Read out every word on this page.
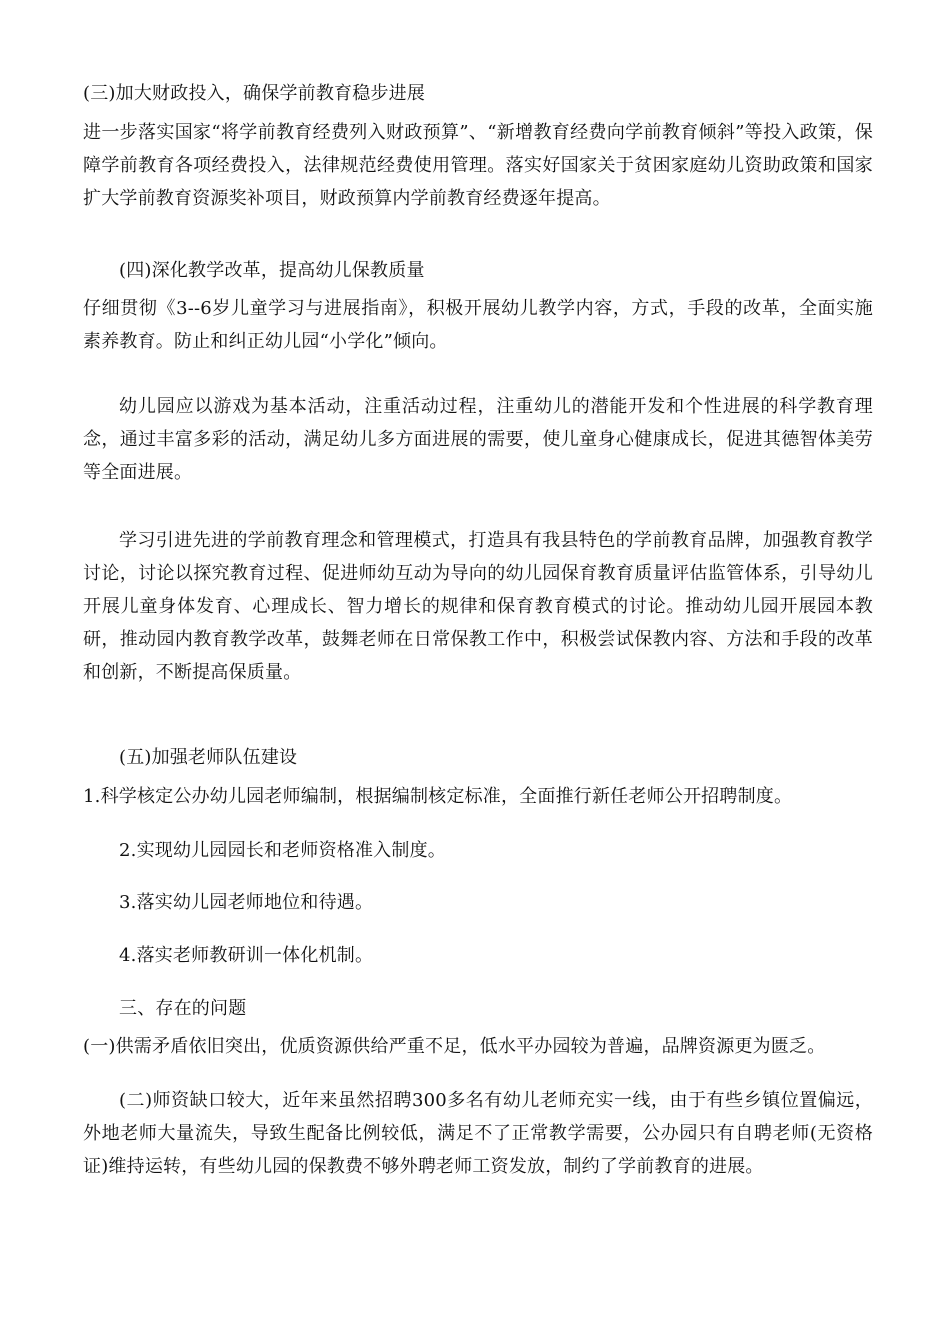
(三)加大财政投入，确保学前教育稳步进展

进一步落实国家“将学前教育经费列入财政预算”、“新增教育经费向学前教育倾斜”等投入政策，保障学前教育各项经费投入，法律规范经费使用管理。落实好国家关于贫困家庭幼儿资助政策和国家扩大学前教育资源奖补项目，财政预算内学前教育经费逐年提高。

(四)深化教学改革，提高幼儿保教质量

仔细贯彻《3--6岁儿童学习与进展指南》，积极开展幼儿教学内容，方式，手段的改革，全面实施素养教育。防止和纠正幼儿园“小学化”倾向。

幼儿园应以游戏为基本活动，注重活动过程，注重幼儿的潜能开发和个性进展的科学教育理念，通过丰富多彩的活动，满足幼儿多方面进展的需要，使儿童身心健康成长，促进其德智体美劳等全面进展。

学习引进先进的学前教育理念和管理模式，打造具有我县特色的学前教育品牌，加强教育教学讨论，讨论以探究教育过程、促进师幼互动为导向的幼儿园保育教育质量评估监管体系，引导幼儿开展儿童身体发育、心理成长、智力增长的规律和保育教育模式的讨论。推动幼儿园开展园本教研，推动园内教育教学改革，鼓舞老师在日常保教工作中，积极尝试保教内容、方法和手段的改革和创新，不断提高保质量。

(五)加强老师队伍建设

1.科学核定公办幼儿园老师编制，根据编制核定标准，全面推行新任老师公开招聘制度。

2.实现幼儿园园长和老师资格准入制度。

3.落实幼儿园老师地位和待遇。

4.落实老师教研训一体化机制。

三、存在的问题

(一)供需矛盾依旧突出，优质资源供给严重不足，低水平办园较为普遍，品牌资源更为匮乏。

(二)师资缺口较大，近年来虽然招聘300多名有幼儿老师充实一线，由于有些乡镇位置偏远，外地老师大量流失，导致生配备比例较低，满足不了正常教学需要，公办园只有自聘老师(无资格证)维持运转，有些幼儿园的保教费不够外聘老师工资发放，制约了学前教育的进展。
